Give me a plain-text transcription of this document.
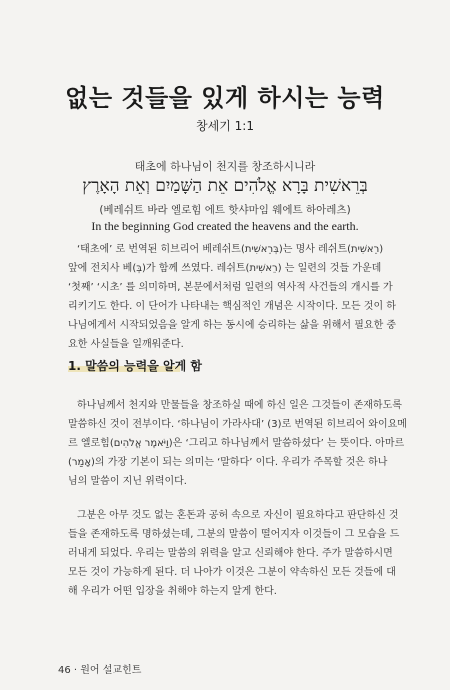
없는 것들을 있게 하시는 능력
창세기 1:1
태초에 하나님이 천지를 창조하시니라
בְּרֵאשִׁית בָּרָא אֱלֹהִים אֵת הַשָּׁמַיִם וְאֵת הָאָרֶץ
(베레쉬트 바라 엘로힘 에트 핫샤마임 웨에트 하아레츠)
In the beginning God created the heavens and the earth.
‘태초에’ 로 번역된 히브리어 베레쉬트(בְּרֵאשִׁית)는 명사 레쉬트(רֵאשִׁית)
앞에 전치사 베(בְּ)가 함께 쓰였다. 레쉬트(רֵאשִׁית) 는 일련의 것들 가운데
‘첫째’ ‘시초’ 를 의미하며, 본문에서처럼 일련의 역사적 사건들의 개시를 가
리키기도 한다. 이 단어가 나타내는 핵심적인 개념은 시작이다. 모든 것이 하
나님에게서 시작되었음을 알게 하는 동시에 승리하는 삶을 위해서 필요한 중
요한 사실들을 일깨워준다.
1. 말씀의 능력을 알게 함
하나님께서 천지와 만물들을 창조하실 때에 하신 일은 그것들이 존재하도록
말씀하신 것이 전부이다. ‘하나님이 가라사대’ (3)로 번역된 히브리어 와이요메
르 엘로힘(וַיֹּאמֶר אֱלֹהִים)은 ‘그리고 하나님께서 말씀하셨다’ 는 뜻이다. 아마르
(אָמַר)의 가장 기본이 되는 의미는 ‘말하다’ 이다. 우리가 주목할 것은 하나
님의 말씀이 지닌 위력이다.
그분은 아무 것도 없는 혼돈과 공허 속으로 자신이 필요하다고 판단하신 것
들을 존재하도록 명하셨는데, 그분의 말씀이 떨어지자 이것들이 그 모습을 드
러내게 되었다. 우리는 말씀의 위력을 알고 신뢰해야 한다. 주가 말씀하시면
모든 것이 가능하게 된다. 더 나아가 이것은 그분이 약속하신 모든 것들에 대
해 우리가 어떤 입장을 취해야 하는지 알게 한다.
46 · 원어 설교힌트
